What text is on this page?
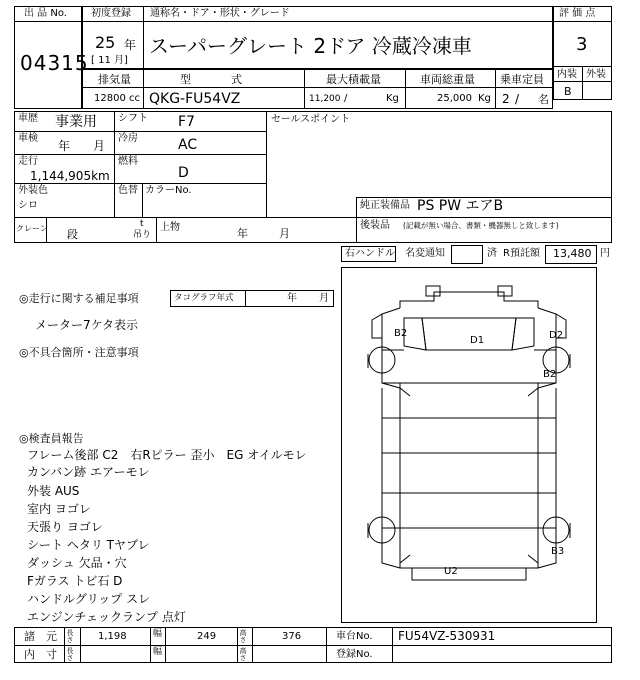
出 品 No.
04315
初度登録 通称名・ドア・形状・グレード
25 年
[ 11 月]
スーパーグレート 2ドア 冷蔵冷凍車
評 価 点
3
内装 外装
B
排気量	型　　式	最大積載量	車両総重量 乗車定員
12800 cc QKG-FU54VZ	11,200 /	Kg	25,000 Kg 2 / 名
車歴 事業用 シフト F7
車検
年 月
冷房	AC
走行
1,144,905km
燃料
D
外装色
シロ
色替 カラーNo.
セールスポイント
純正装備品 PS PW エアB
後装品 (記載が無い場合、書類・機器無しと致します)
クレーン 段
t
吊り
上物	年	月
右ハンドル 名変通知	済 R預託額 13,480 円
◎走行に関する補足事項	タコグラフ年式	年 月
メーター7ケタ表示
◎不具合箇所・注意事項
◎検査員報告
フレーム後部 C2　右Rピラー 歪小　EG オイルモレ
カンバン跡 エアーモレ
外装 AUS
室内 ヨゴレ
天張り ヨゴレ
シート ヘタリ Tヤブレ
ダッシュ 欠品・穴
Fガラス トビ石 D
ハンドルグリップ スレ
エンジンチェックランプ 点灯
B2
D1	D2
B2
B3
U2
諸　元 長さ 1,198	幅	249	高さ	376	車台No. FU54VZ-530931
内　寸 長さ	幅	高さ	登録No.
